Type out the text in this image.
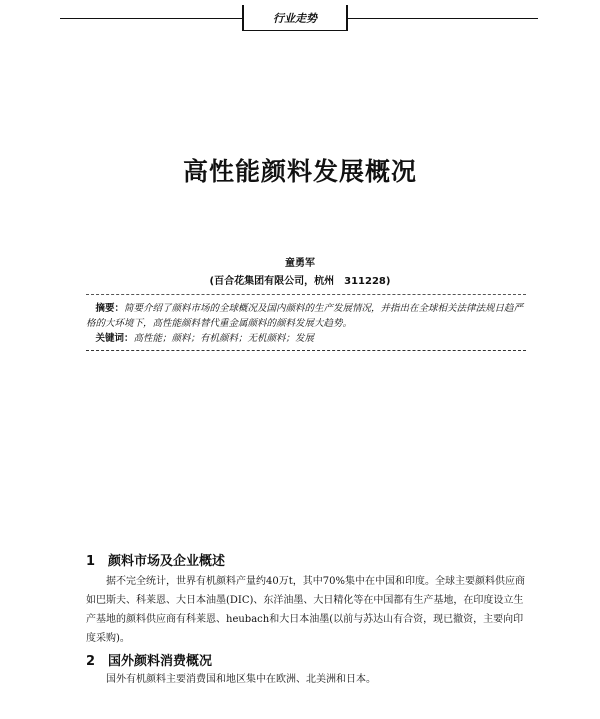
行业走势
高性能颜料发展概况
童勇军
(百合花集团有限公司，杭州　311228)

摘要：简要介绍了颜料市场的全球概况及国内颜料的生产发展情况，并指出在全球相关法律法规日趋严格的大环境下，高性能颜料替代重金属颜料的颜料发展大趋势。

关键词：高性能；颜料；有机颜料；无机颜料；发展

1 颜料市场及企业概述

据不完全统计，世界有机颜料产量约40万t，其中70%集中在中国和印度。全球主要颜料供应商如巴斯夫、科莱恩、大日本油墨(DIC)、东洋油墨、大日精化等在中国都有生产基地，在印度设立生产基地的颜料供应商有科莱恩、heubach和大日本油墨(以前与苏达山有合资，现已撤资，主要向印度采购)。

2 国外颜料消费概况

国外有机颜料主要消费国和地区集中在欧洲、北美洲和日本。
